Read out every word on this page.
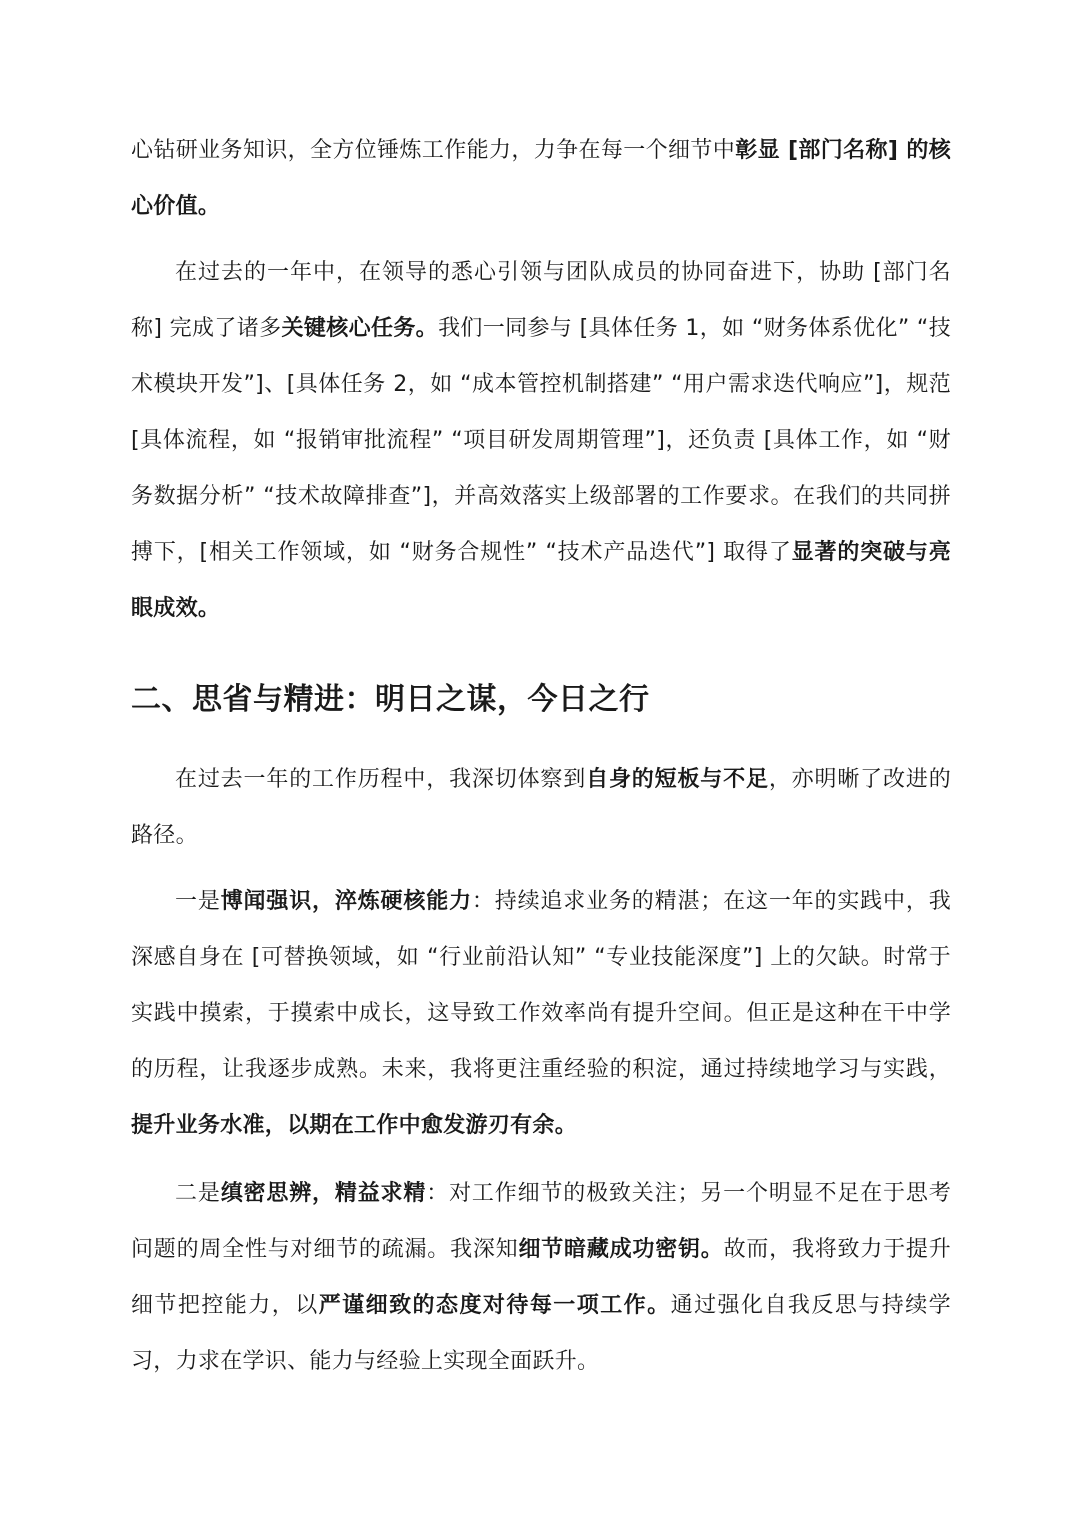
心钻研业务知识，全方位锤炼工作能力，力争在每一个细节中彰显 [部门名称] 的核心价值。

在过去的一年中，在领导的悉心引领与团队成员的协同奋进下，协助 [部门名称] 完成了诸多关键核心任务。我们一同参与 [具体任务 1，如 “财务体系优化” “技术模块开发”]、[具体任务 2，如 “成本管控机制搭建” “用户需求迭代响应”]，规范 [具体流程，如 “报销审批流程” “项目研发周期管理”]，还负责 [具体工作，如 “财务数据分析” “技术故障排查”]，并高效落实上级部署的工作要求。在我们的共同拼搏下，[相关工作领域，如 “财务合规性” “技术产品迭代”] 取得了显著的突破与亮眼成效。

二、思省与精进：明日之谋，今日之行

在过去一年的工作历程中，我深切体察到自身的短板与不足，亦明晰了改进的路径。

一是博闻强识，淬炼硬核能力：持续追求业务的精湛；在这一年的实践中，我深感自身在 [可替换领域，如 “行业前沿认知” “专业技能深度”] 上的欠缺。时常于实践中摸索，于摸索中成长，这导致工作效率尚有提升空间。但正是这种在干中学的历程，让我逐步成熟。未来，我将更注重经验的积淀，通过持续地学习与实践，提升业务水准，以期在工作中愈发游刃有余。

二是缜密思辨，精益求精：对工作细节的极致关注；另一个明显不足在于思考问题的周全性与对细节的疏漏。我深知细节暗藏成功密钥。故而，我将致力于提升细节把控能力，以严谨细致的态度对待每一项工作。通过强化自我反思与持续学习，力求在学识、能力与经验上实现全面跃升。
